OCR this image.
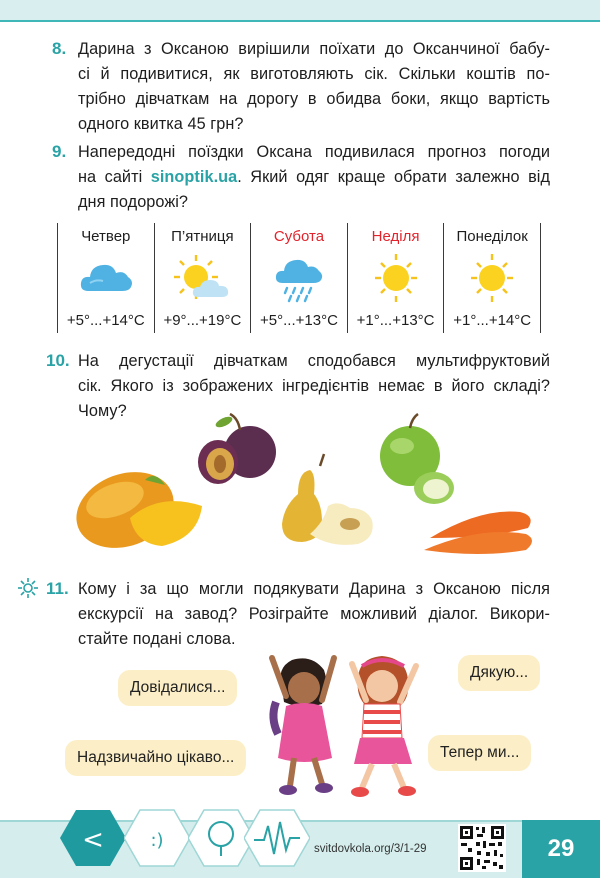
8. Дарина з Оксаною вирішили поїхати до Оксанчиної бабу-
сі й подивитися, як виготовляють сік. Скільки коштів по-
трібно дівчаткам на дорогу в обидва боки, якщо вартість
одного квитка 45 грн?
9. Напередодні поїздки Оксана подивилася прогноз погоди
на сайті sinoptik.ua. Який одяг краще обрати залежно від
дня подорожі?
Четвер
+5°...+14°C
П’ятниця
+9°...+19°C
Субота
+5°...+13°C
Неділя
+1°...+13°C
Понеділок
+1°...+14°C
10. На дегустації дівчаткам сподобався мультифруктовий
сік. Якого із зображених інгредієнтів немає в його складі?
Чому?
11. Кому і за що могли подякувати Дарина з Оксаною після
екскурсії на завод? Розіграйте можливий діалог. Викори-
стайте подані слова.
Довідалися...
Дякую...
Надзвичайно цікаво...	Тепер ми...
<	:)	svitdovkola.org/3/1-29	29
